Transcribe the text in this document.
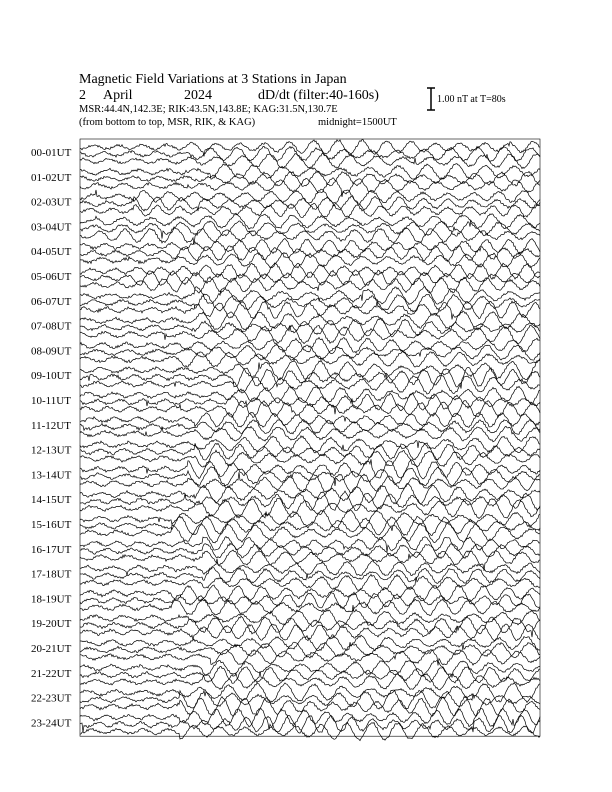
Magnetic Field Variations at 3 Stations in Japan
2 April	2024	dD/dt (filter:40-160s)
MSR:44.4N,142.3E; RIK:43.5N,143.8E; KAG:31.5N,130.7E
(from bottom to top, MSR, RIK, & KAG)	midnight=1500UT
1.00 nT at T=80s
00-01UT
01-02UT
02-03UT
03-04UT
04-05UT
05-06UT
06-07UT
07-08UT
08-09UT
09-10UT
10-11UT
11-12UT
12-13UT
13-14UT
14-15UT
15-16UT
16-17UT
17-18UT
18-19UT
19-20UT
20-21UT
21-22UT
22-23UT
23-24UT
